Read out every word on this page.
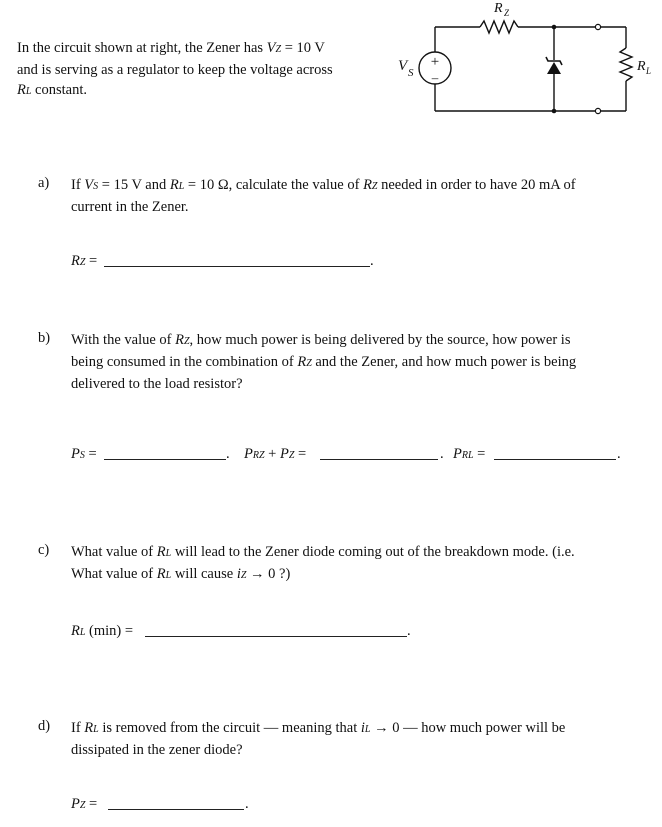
In the circuit shown at right, the Zener has VZ = 10 V
and is serving as a regulator to keep the voltage across
RL constant.
+
–
V S
R Z
R L
a) If VS = 15 V and RL = 10 Ω, calculate the value of RZ needed in order to have 20 mA of
current in the Zener.
RZ =	.
b) With the value of RZ, how much power is being delivered by the source, how power is
being consumed in the combination of RZ and the Zener, and how much power is being
delivered to the load resistor?
PS =	. PRZ + PZ =	. PRL =	.
c) What value of RL will lead to the Zener diode coming out of the breakdown mode. (i.e.
What value of RL will cause iZ → 0 ?)
RL (min) =	.
d) If RL is removed from the circuit — meaning that iL → 0 — how much power will be
dissipated in the zener diode?
PZ =	.
